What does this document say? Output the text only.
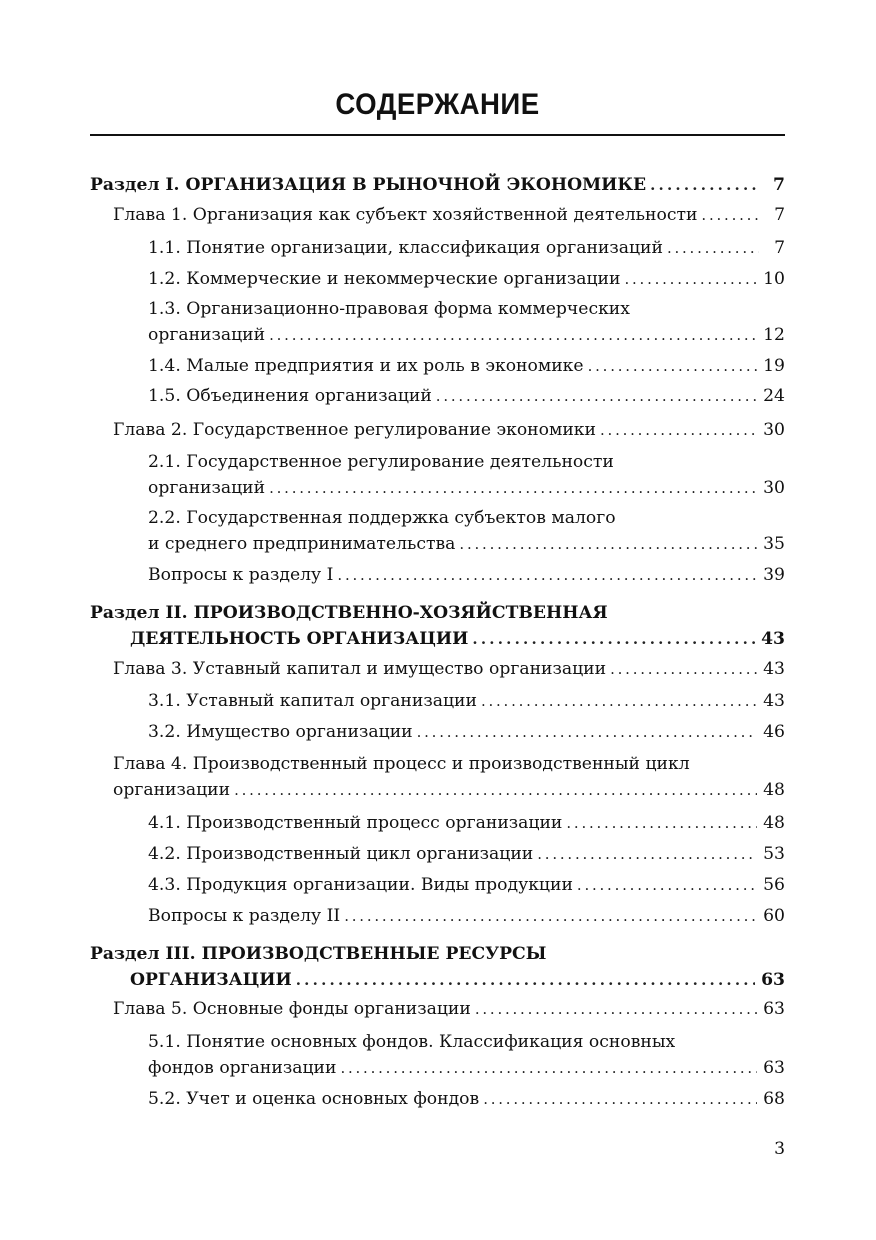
СОДЕРЖАНИЕ
Раздел I. ОРГАНИЗАЦИЯ В РЫНОЧНОЙ ЭКОНОМИКЕ . . .	7
Глава 1. Организация как субъект хозяйственной деятельности . . .	7
1.1. Понятие организации, классификация организаций . . .	7
1.2. Коммерческие и некоммерческие организации . . .	10
1.3. Организационно-правовая форма коммерческих
организаций . . .	12
1.4. Малые предприятия и их роль в экономике . . .	19
1.5. Объединения организаций . . .	24
Глава 2. Государственное регулирование экономики . . .	30
2.1. Государственное регулирование деятельности
организаций . . .	30
2.2. Государственная поддержка субъектов малого
и среднего предпринимательства . . .	35
Вопросы к разделу I . . .	39
Раздел II. ПРОИЗВОДСТВЕННО-ХОЗЯЙСТВЕННАЯ
ДЕЯТЕЛЬНОСТЬ ОРГАНИЗАЦИИ . . .	43
Глава 3. Уставный капитал и имущество организации . . .	43
3.1. Уставный капитал организации . . .	43
3.2. Имущество организации . . .	46
Глава 4. Производственный процесс и производственный цикл
организации . . .	48
4.1. Производственный процесс организации . . .	48
4.2. Производственный цикл организации . . .	53
4.3. Продукция организации. Виды продукции . . .	56
Вопросы к разделу II . . .	60
Раздел III. ПРОИЗВОДСТВЕННЫЕ РЕСУРСЫ
ОРГАНИЗАЦИИ . . .	63
Глава 5. Основные фонды организации . . .	63
5.1. Понятие основных фондов. Классификация основных
фондов организации . . .	63
5.2. Учет и оценка основных фондов . . .	68
3
